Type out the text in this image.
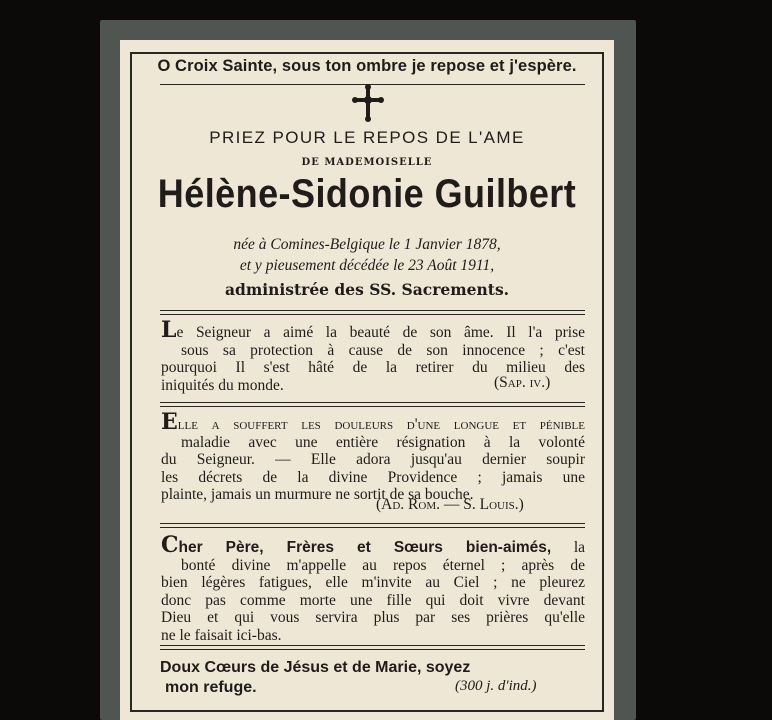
O Croix Sainte, sous ton ombre je repose et j'espère.
PRIEZ POUR LE REPOS DE L'AME
DE MADEMOISELLE
Hélène-Sidonie Guilbert
née à Comines-Belgique le 1 Janvier 1878,
et y pieusement décédée le 23 Août 1911,
administrée des SS. Sacrements.
Le Seigneur a aimé la beauté de son âme. Il l'a prise
sous sa protection à cause de son innocence ; c'est
pourquoi Il s'est hâté de la retirer du milieu des
iniquités du monde.	(Sap. iv.)
Elle a souffert les douleurs d'une longue et pénible
maladie avec une entière résignation à la volonté
du Seigneur. — Elle adora jusqu'au dernier soupir
les décrets de la divine Providence ; jamais une
plainte, jamais un murmure ne sortit de sa bouche.
(Ad. Rom. — S. Louis.)
Cher Père, Frères et Sœurs bien-aimés, la
bonté divine m'appelle au repos éternel ; après de
bien légères fatigues, elle m'invite au Ciel ; ne pleurez
donc pas comme morte une fille qui doit vivre devant
Dieu et qui vous servira plus par ses prières qu'elle
ne le faisait ici-bas.
Doux Cœurs de Jésus et de Marie, soyez
mon refuge.	(300 j. d'ind.)
